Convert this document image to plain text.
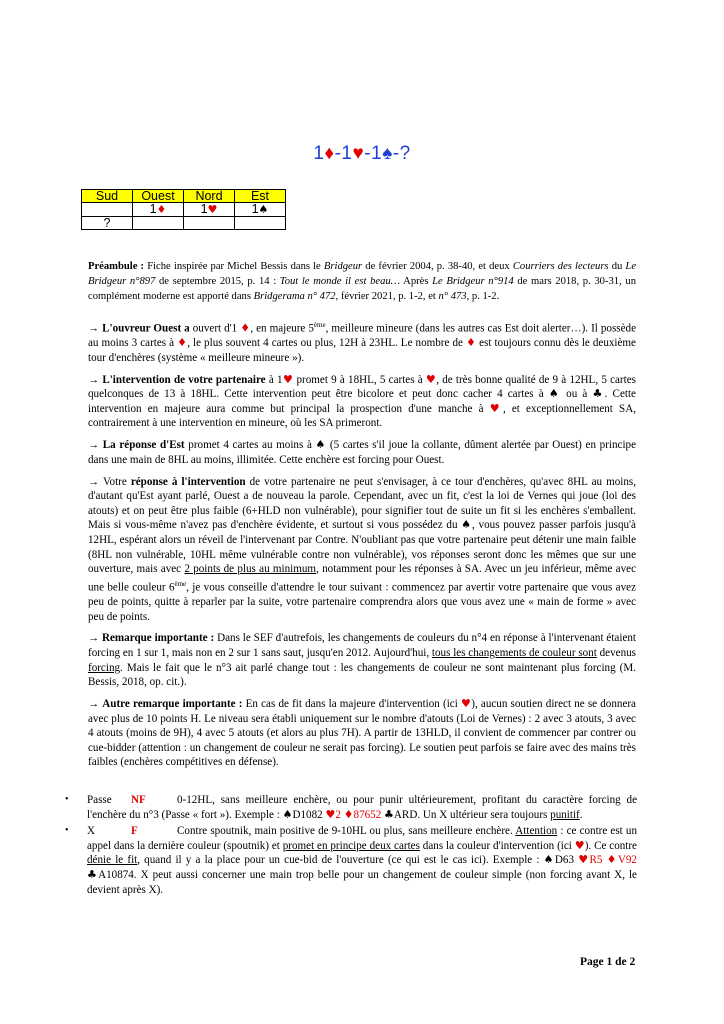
1♦-1♥-1♠-?
Sud	Ouest	Nord	Est
	1♦	1♥	1♠
?			
Préambule : Fiche inspirée par Michel Bessis dans le Bridgeur de février 2004, p. 38-40, et deux Courriers des lecteurs du Le Bridgeur n°897 de septembre 2015, p. 14 : Tout le monde il est beau… Après Le Bridgeur n°914 de mars 2018, p. 30-31, un complément moderne est apporté dans Bridgerama n° 472, février 2021, p. 1-2, et n° 473, p. 1-2.

→ L'ouvreur Ouest a ouvert d'1 ♦, en majeure 5ème, meilleure mineure (dans les autres cas Est doit alerter…). Il possède au moins 3 cartes à ♦, le plus souvent 4 cartes ou plus, 12H à 23HL. Le nombre de ♦ est toujours connu dès le deuxième tour d'enchères (système « meilleure mineure »).

→ L'intervention de votre partenaire à 1♥ promet 9 à 18HL, 5 cartes à ♥, de très bonne qualité de 9 à 12HL, 5 cartes quelconques de 13 à 18HL. Cette intervention peut être bicolore et peut donc cacher 4 cartes à ♠ ou à ♣. Cette intervention en majeure aura comme but principal la prospection d'une manche à ♥, et exceptionnellement SA, contrairement à une intervention en mineure, où les SA primeront.

→ La réponse d'Est promet 4 cartes au moins à ♠ (5 cartes s'il joue la collante, dûment alertée par Ouest) en principe dans une main de 8HL au moins, illimitée. Cette enchère est forcing pour Ouest.

→ Votre réponse à l'intervention de votre partenaire ne peut s'envisager, à ce tour d'enchères, qu'avec 8HL au moins, d'autant qu'Est ayant parlé, Ouest a de nouveau la parole. Cependant, avec un fit, c'est la loi de Vernes qui joue (loi des atouts) et on peut être plus faible (6+HLD non vulnérable), pour signifier tout de suite un fit si les enchères s'emballent. Mais si vous-même n'avez pas d'enchère évidente, et surtout si vous possédez du ♠, vous pouvez passer parfois jusqu'à 12HL, espérant alors un réveil de l'intervenant par Contre. N'oubliant pas que votre partenaire peut détenir une main faible (8HL non vulnérable, 10HL même vulnérable contre non vulnérable), vos réponses seront donc les mêmes que sur une ouverture, mais avec 2 points de plus au minimum, notamment pour les réponses à SA. Avec un jeu inférieur, même avec une belle couleur 6ème, je vous conseille d'attendre le tour suivant : commencez par avertir votre partenaire que vous avez peu de points, quitte à reparler par la suite, votre partenaire comprendra alors que vous avez une « main de forme » avec peu de points.

→ Remarque importante : Dans le SEF d'autrefois, les changements de couleurs du n°4 en réponse à l'intervenant étaient forcing en 1 sur 1, mais non en 2 sur 1 sans saut, jusqu'en 2012. Aujourd'hui, tous les changements de couleur sont devenus forcing. Mais le fait que le n°3 ait parlé change tout : les changements de couleur ne sont maintenant plus forcing (M. Bessis, 2018, op. cit.).

→ Autre remarque importante : En cas de fit dans la majeure d'intervention (ici ♥), aucun soutien direct ne se donnera avec plus de 10 points H. Le niveau sera établi uniquement sur le nombre d'atouts (Loi de Vernes) : 2 avec 3 atouts, 3 avec 4 atouts (moins de 9H), 4 avec 5 atouts (et alors au plus 7H). A partir de 13HLD, il convient de commencer par contrer ou cue-bidder (attention : un changement de couleur ne serait pas forcing). Le soutien peut parfois se faire avec des mains très faibles (enchères compétitives en défense).

• Passe NF	0-12HL, sans meilleure enchère, ou pour punir ultérieurement, profitant du caractère forcing de l'enchère du n°3 (Passe « fort »). Exemple : ♠D1082 ♥2 ♦87652 ♣ARD. Un X ultérieur sera toujours punitif.
• X	F	Contre spoutnik, main positive de 9-10HL ou plus, sans meilleure enchère. Attention : ce contre est un appel dans la dernière couleur (spoutnik) et promet en principe deux cartes dans la couleur d'intervention (ici ♥). Ce contre dénie le fit, quand il y a la place pour un cue-bid de l'ouverture (ce qui est le cas ici). Exemple : ♠D63 ♥R5 ♦V92 ♣A10874. X peut aussi concerner une main trop belle pour un changement de couleur simple (non forcing avant X, le devient après X).
Page 1 de 2
